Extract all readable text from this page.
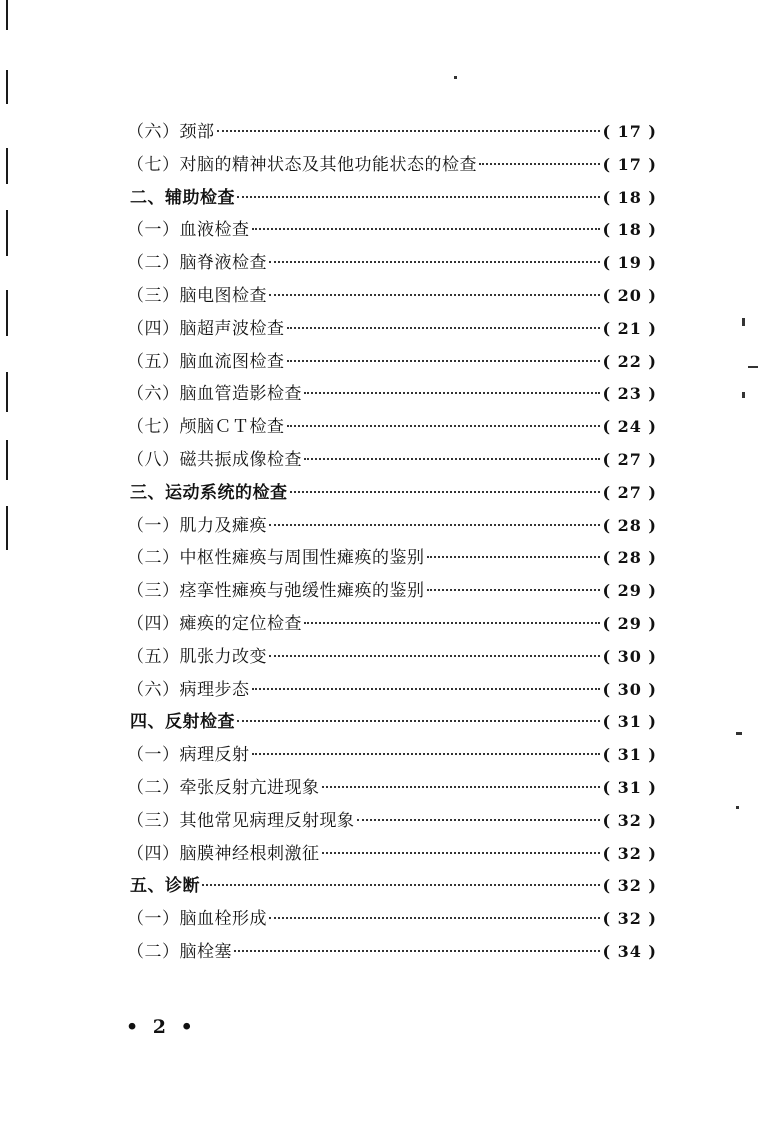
（六）颈部	( 17 )
（七）对脑的精神状态及其他功能状态的检查	( 17 )
二、辅助检查	( 18 )
（一）血液检查	( 18 )
（二）脑脊液检查	( 19 )
（三）脑电图检查	( 20 )
（四）脑超声波检查	( 21 )
（五）脑血流图检查	( 22 )
（六）脑血管造影检查	( 23 )
（七）颅脑ＣＴ检查	( 24 )
（八）磁共振成像检查	( 27 )
三、运动系统的检查	( 27 )
（一）肌力及瘫痪	( 28 )
（二）中枢性瘫痪与周围性瘫痪的鉴别	( 28 )
（三）痉挛性瘫痪与弛缓性瘫痪的鉴别	( 29 )
（四）瘫痪的定位检查	( 29 )
（五）肌张力改变	( 30 )
（六）病理步态	( 30 )
四、反射检查	( 31 )
（一）病理反射	( 31 )
（二）牵张反射亢进现象	( 31 )
（三）其他常见病理反射现象	( 32 )
（四）脑膜神经根刺激征	( 32 )
五、诊断	( 32 )
（一）脑血栓形成	( 32 )
（二）脑栓塞	( 34 )
• 2 •
